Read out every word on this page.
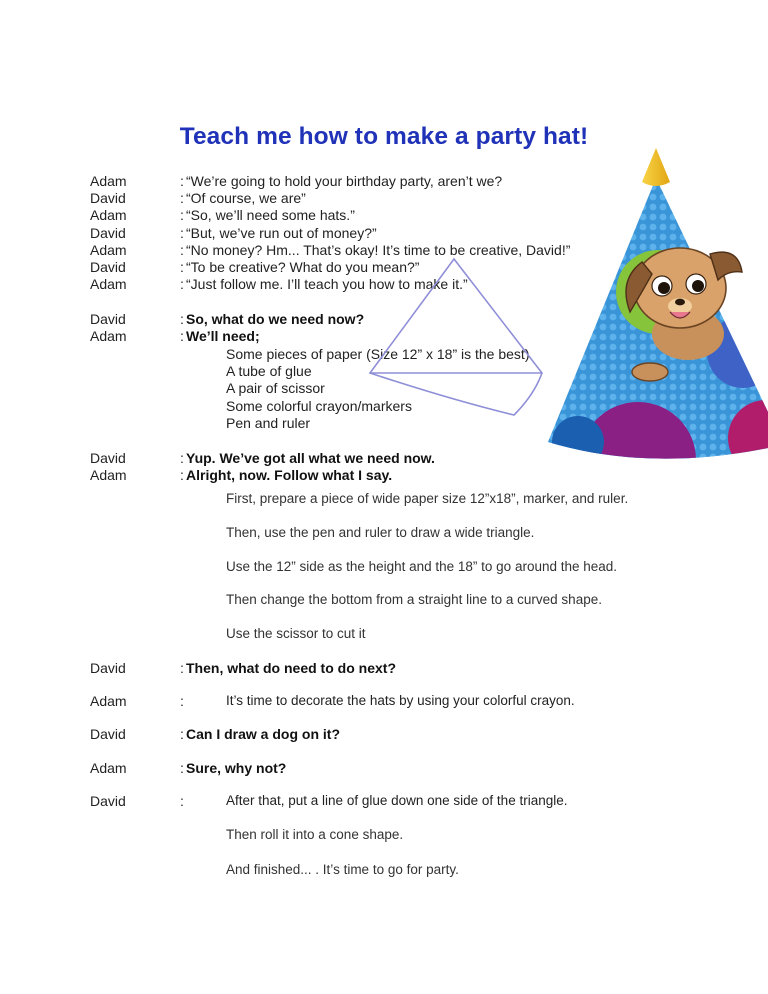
Teach me how to make a party hat!
Adam	: “We’re going to hold your birthday party, aren’t we?
David	: “Of course, we are”
Adam	: “So, we’ll need some hats.”
David	: “But, we’ve run out of money?”
Adam	: “No money? Hm... That’s okay! It’s time to be creative, David!”
David	: “To be creative? What do you mean?”
Adam	: “Just follow me. I’ll teach you how to make it.”
David	: So, what do we need now?
Adam	: We’ll need;
Some pieces of paper (Size 12” x 18” is the best)
A tube of glue
A pair of scissor
Some colorful crayon/markers
Pen and ruler
David	: Yup. We’ve got all what we need now.
Adam	: Alright, now. Follow what I say.
First, prepare a piece of wide paper size 12”x18”, marker, and ruler.
Then, use the pen and ruler to draw a wide triangle.
Use the 12” side as the height and the 18” to go around the head.
Then change the bottom from a straight line to a curved shape.
Use the scissor to cut it
David	: Then, what do need to do next?
Adam	:	It’s time to decorate the hats by using your colorful crayon.
David	: Can I draw a dog on it?
Adam	: Sure, why not?
David	:	After that, put a line of glue down one side of the triangle.
Then roll it into a cone shape.
And finished... . It’s time to go for party.
